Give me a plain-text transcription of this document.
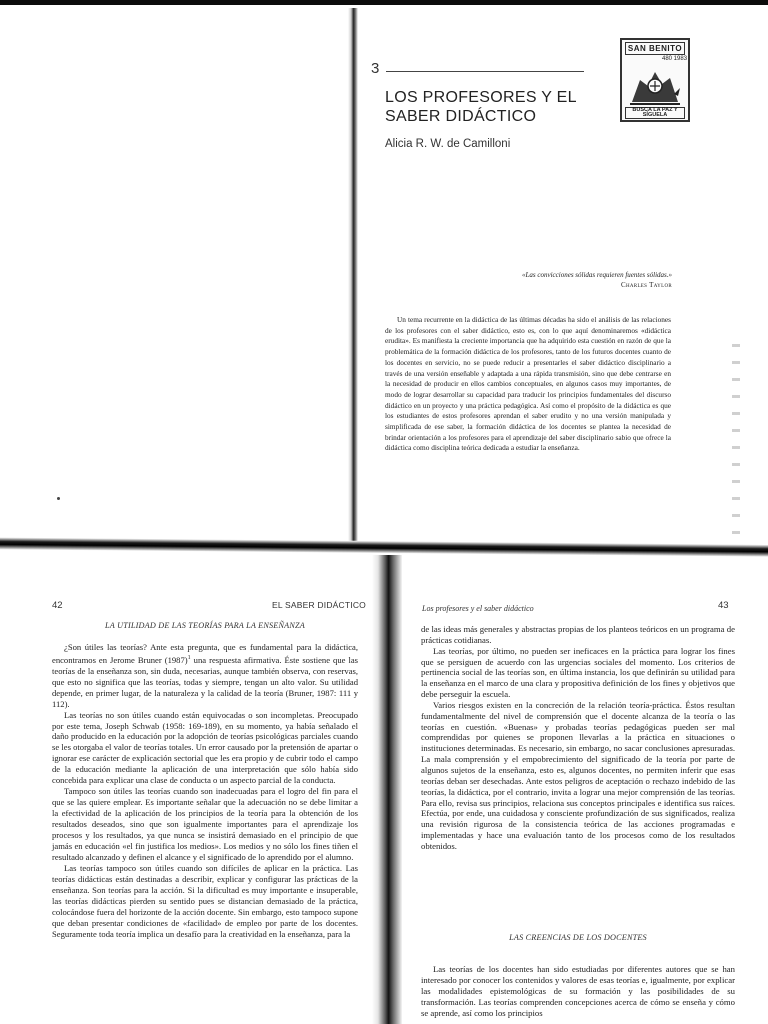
3
LOS PROFESORES Y EL SABER DIDÁCTICO
Alicia R. W. de Camilloni
SAN BENITO
480 1983
BUSCA LA PAZ Y SÍGUELA
«Las convicciones sólidas requieren fuentes sólidas.»
Charles Taylor

Un tema recurrente en la didáctica de las últimas décadas ha sido el análisis de las relaciones de los profesores con el saber didáctico, esto es, con lo que aquí denominaremos «didáctica erudita». Es manifiesta la creciente importancia que ha adquirido esta cuestión en razón de que la problemática de la formación didáctica de los profesores, tanto de los futuros docentes cuanto de los docentes en servicio, no se puede reducir a presentarles el saber didáctico disciplinario a través de una versión enseñable y adaptada a una rápida transmisión, sino que debe centrarse en la necesidad de producir en ellos cambios conceptuales, en algunos casos muy importantes, de modo de lograr desarrollar su capacidad para traducir los principios fundamentales del discurso didáctico en un proyecto y una práctica pedagógica. Así como el propósito de la didáctica es que los estudiantes de estos profesores aprendan el saber erudito y no una versión manipulada y simplificada de ese saber, la formación didáctica de los docentes se plantea la necesidad de brindar orientación a los profesores para el aprendizaje del saber disciplinario sabio que ofrece la didáctica como disciplina teórica dedicada a estudiar la enseñanza.

42	EL SABER DIDÁCTICO
LA UTILIDAD DE LAS TEORÍAS PARA LA ENSEÑANZA

¿Son útiles las teorías? Ante esta pregunta, que es fundamental para la didáctica, encontramos en Jerome Bruner $(1987)^1$ una respuesta afirmativa. Éste sostiene que las teorías de la enseñanza son, sin duda, necesarias, aunque también observa, con reservas, que esto no significa que las teorías, todas y siempre, tengan un alto valor. Su utilidad depende, en primer lugar, de la naturaleza y la calidad de la teoría (Bruner, 1987: 111 y 112).

Las teorías no son útiles cuando están equivocadas o son incompletas. Preocupado por este tema, Joseph Schwab (1958: 169-189), en su momento, ya había señalado el daño producido en la educación por la adopción de teorías psicológicas parciales cuando se les otorgaba el valor de teorías totales. Un error causado por la pretensión de apartar o ignorar ese carácter de explicación sectorial que les era propio y de cubrir todo el campo de la educación mediante la aplicación de una interpretación que sólo había sido concebida para explicar una clase de conducta o un aspecto parcial de la conducta.

Tampoco son útiles las teorías cuando son inadecuadas para el logro del fin para el que se las quiere emplear. Es importante señalar que la adecuación no se debe limitar a la efectividad de la aplicación de los principios de la teoría para la obtención de los resultados deseados, sino que son igualmente importantes para el aprendizaje los procesos y los resultados, ya que nunca se insistirá demasiado en el principio de que jamás en educación «el fin justifica los medios». Los medios y no sólo los fines tiñen el resultado alcanzado y definen el alcance y el significado de lo aprendido por el alumno.

Las teorías tampoco son útiles cuando son difíciles de aplicar en la práctica. Las teorías didácticas están destinadas a describir, explicar y configurar las prácticas de la enseñanza. Son teorías para la acción. Si la dificultad es muy importante e insuperable, las teorías didácticas pierden su sentido pues se distancian demasiado de la práctica, colocándose fuera del horizonte de la acción docente. Sin embargo, esto tampoco supone que deban presentar condiciones de «facilidad» de empleo por parte de los docentes. Seguramente toda teoría implica un desafío para la creatividad en la enseñanza, para la

Los profesores y el saber didáctico	43

de las ideas más generales y abstractas propias de los planteos teóricos en un programa de prácticas cotidianas.

Las teorías, por último, no pueden ser ineficaces en la práctica para lograr los fines que se persiguen de acuerdo con las urgencias sociales del momento. Los criterios de pertinencia social de las teorías son, en última instancia, los que definirán su utilidad para la enseñanza en el marco de una clara y propositiva definición de los fines y objetivos que debe perseguir la escuela.

Varios riesgos existen en la concreción de la relación teoría-práctica. Éstos resultan fundamentalmente del nivel de comprensión que el docente alcanza de la teoría o las teorías en cuestión. «Buenas» y probadas teorías pedagógicas pueden ser mal comprendidas por quienes se proponen llevarlas a la práctica en situaciones o instituciones determinadas. Es necesario, sin embargo, no sacar conclusiones apresuradas. La mala comprensión y el empobrecimiento del significado de la teoría por parte de algunos sujetos de la enseñanza, esto es, algunos docentes, no permiten inferir que esas teorías deban ser desechadas. Ante estos peligros de aceptación o rechazo indebido de las teorías, la didáctica, por el contrario, invita a lograr una mejor comprensión de las teorías. Para ello, revisa sus principios, relaciona sus conceptos principales e identifica sus raíces. Efectúa, por ende, una cuidadosa y consciente profundización de sus significados, realiza una revisión rigurosa de la consistencia teórica de las acciones programadas e implementadas y hace una evaluación tanto de los procesos como de los resultados obtenidos.

LAS CREENCIAS DE LOS DOCENTES

Las teorías de los docentes han sido estudiadas por diferentes autores que se han interesado por conocer los contenidos y valores de esas teorías e, igualmente, por explicar las modalidades epistemológicas de su formación y las posibilidades de su transformación. Las teorías comprenden concepciones acerca de cómo se enseña y cómo se aprende, así como los principios
